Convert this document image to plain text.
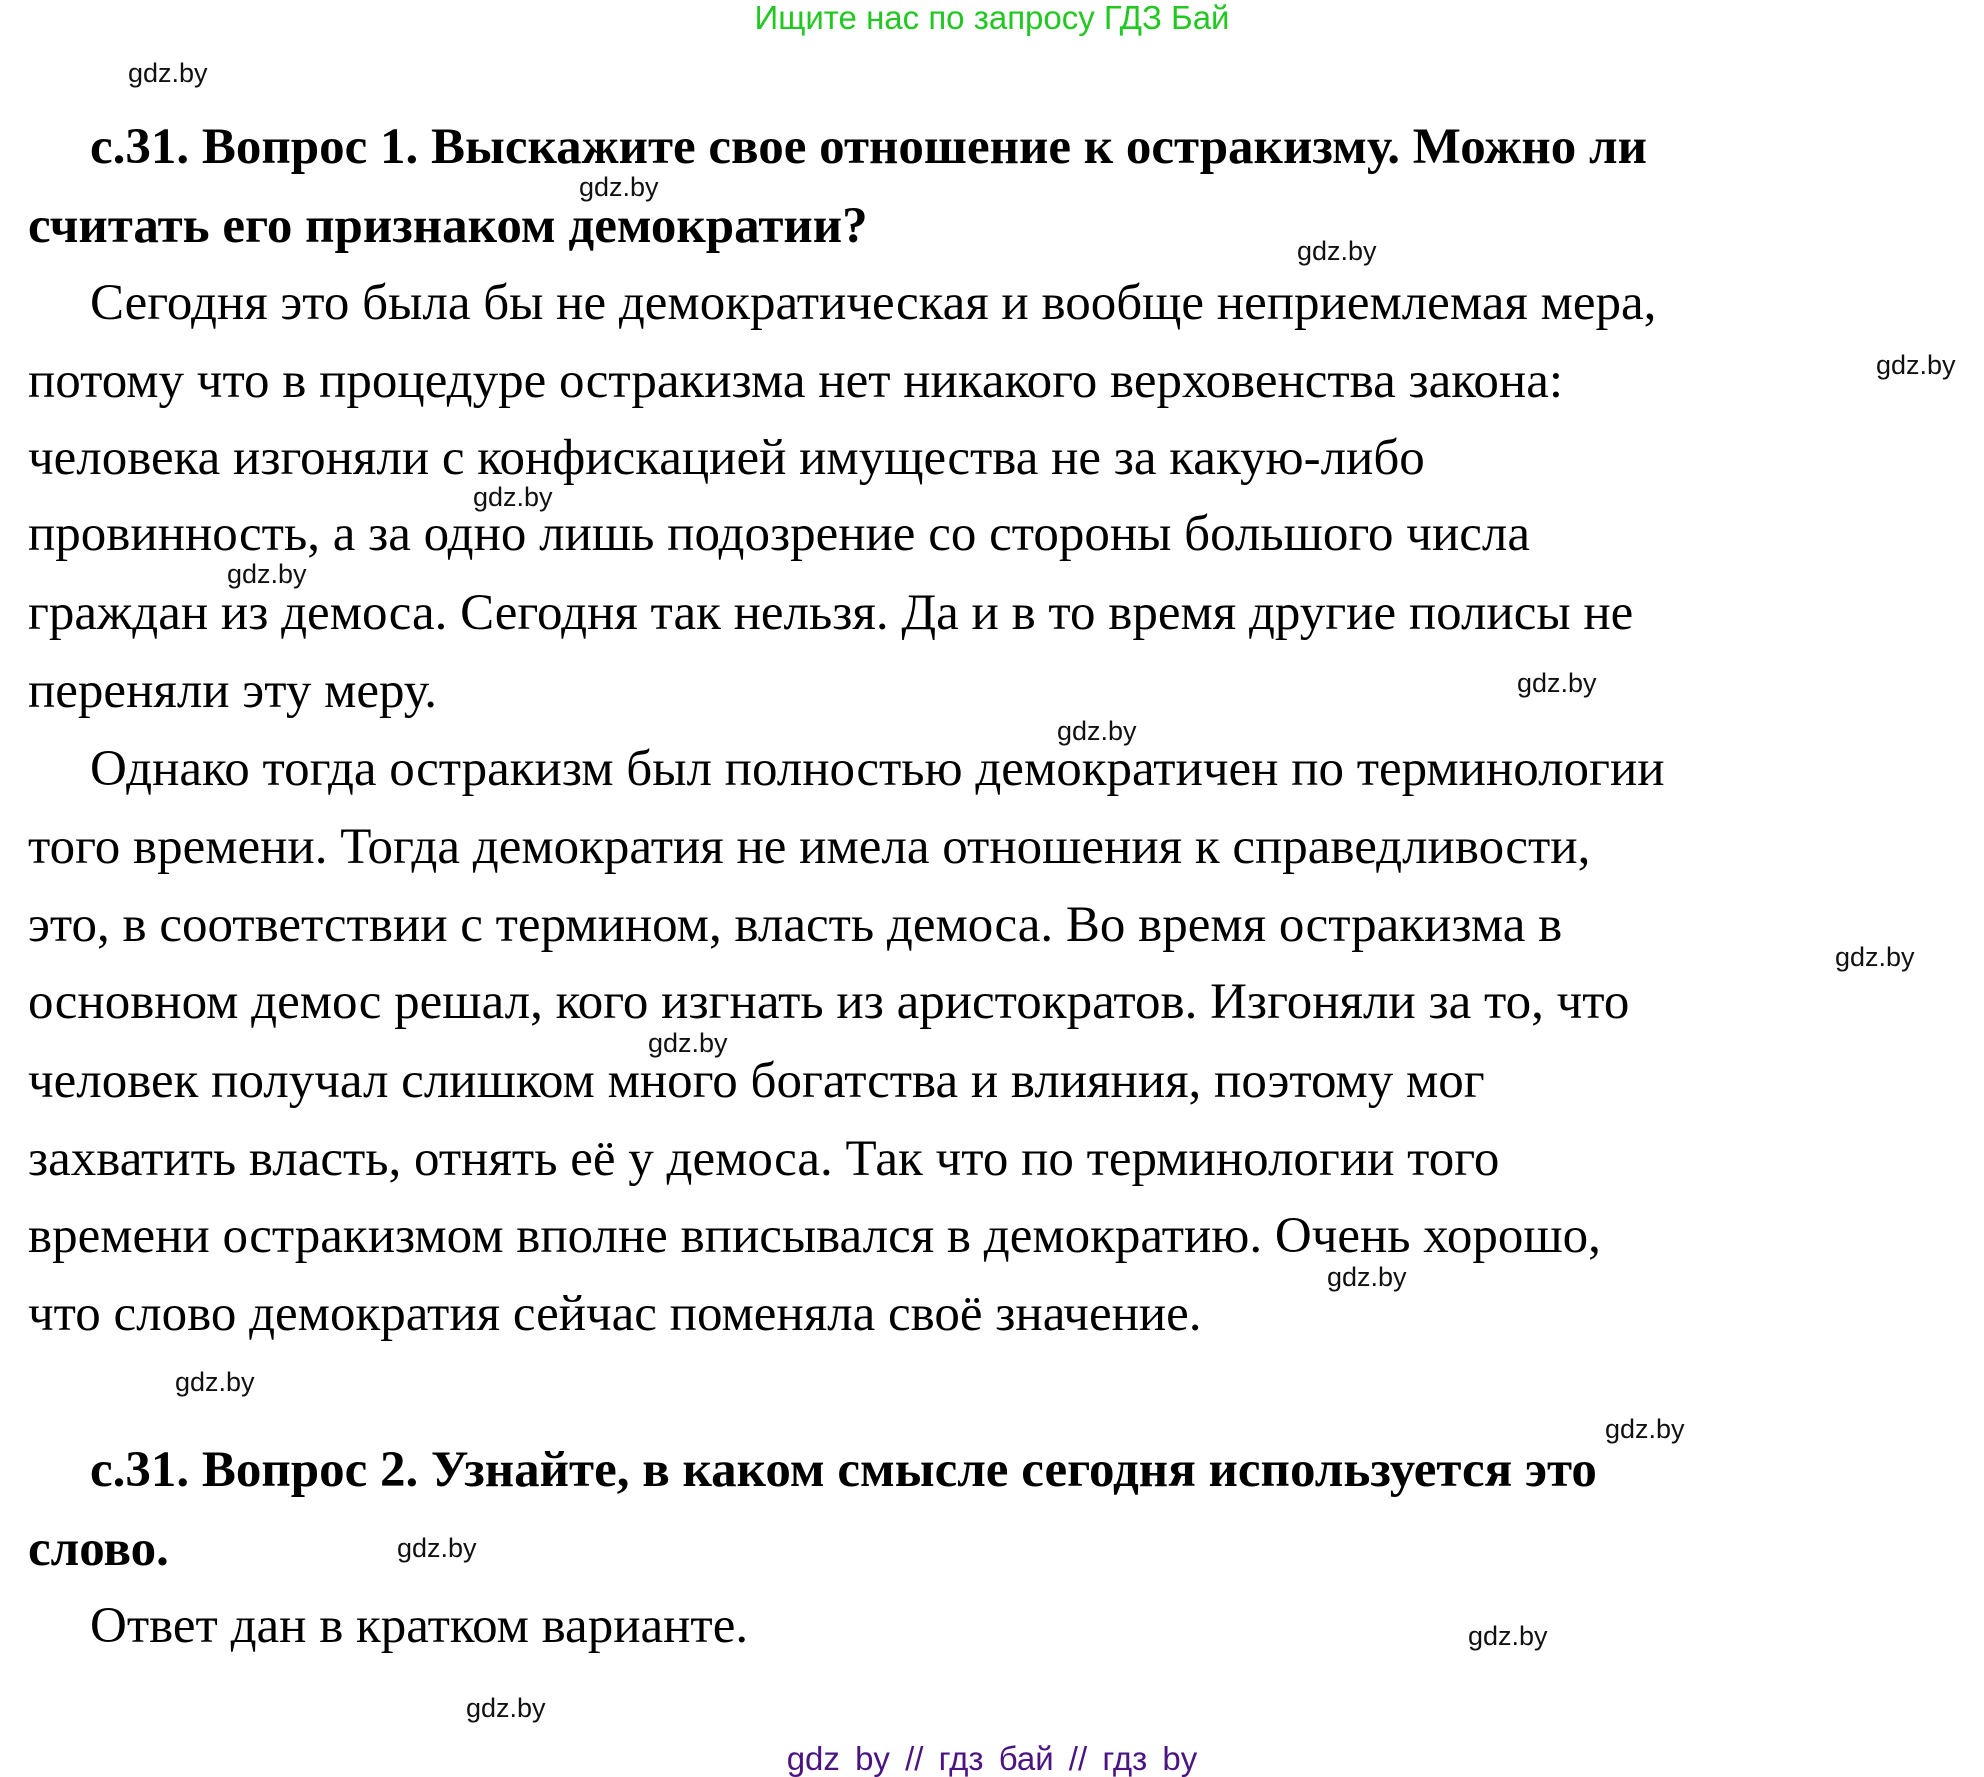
Ищите нас по запросу ГДЗ Бай
с.31. Вопрос 1. Выскажите свое отношение к остракизму. Можно ли
считать его признаком демократии?
Сегодня это была бы не демократическая и вообще неприемлемая мера,
потому что в процедуре остракизма нет никакого верховенства закона:
человека изгоняли с конфискацией имущества не за какую-либо
провинность, а за одно лишь подозрение со стороны большого числа
граждан из демоса. Сегодня так нельзя. Да и в то время другие полисы не
переняли эту меру.
Однако тогда остракизм был полностью демократичен по терминологии
того времени. Тогда демократия не имела отношения к справедливости,
это, в соответствии с термином, власть демоса. Во время остракизма в
основном демос решал, кого изгнать из аристократов. Изгоняли за то, что
человек получал слишком много богатства и влияния, поэтому мог
захватить власть, отнять её у демоса. Так что по терминологии того
времени остракизмом вполне вписывался в демократию. Очень хорошо,
что слово демократия сейчас поменяла своё значение.
с.31. Вопрос 2. Узнайте, в каком смысле сегодня используется это
слово.
Ответ дан в кратком варианте.
gdz.by
gdz.by
gdz.by
gdz.by
gdz.by
gdz.by
gdz.by
gdz.by
gdz.by
gdz.by
gdz.by
gdz.by
gdz.by
gdz.by
gdz.by
gdz.by
gdz by // гдз бай // гдз by
